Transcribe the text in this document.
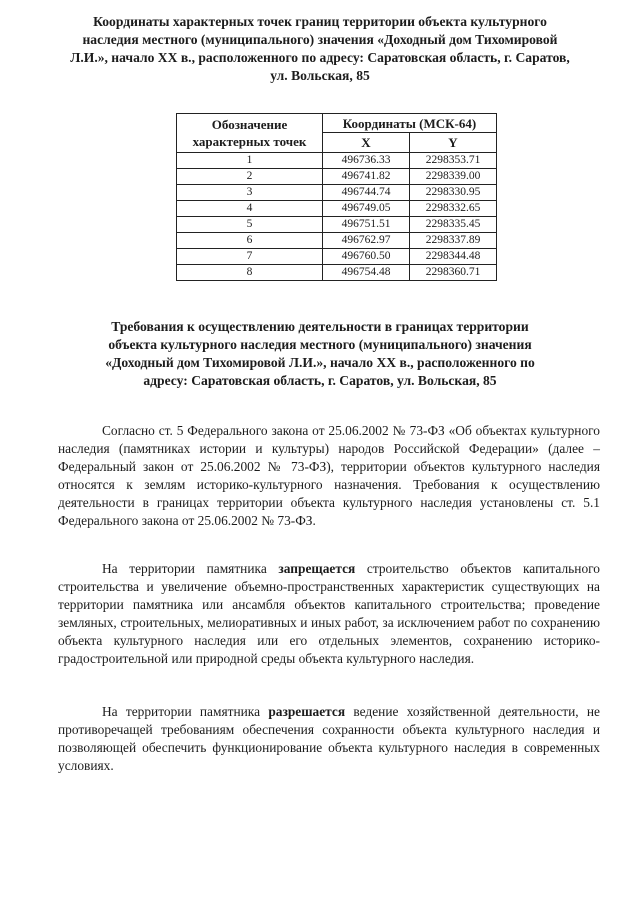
Координаты характерных точек границ территории объекта культурного наследия местного (муниципального) значения «Доходный дом Тихомировой Л.И.», начало XX в., расположенного по адресу: Саратовская область, г. Саратов, ул. Вольская, 85

Обозначение характерных точек	Координаты (МСК-64)	
	X	Y
1	496736.33	2298353.71
2	496741.82	2298339.00
3	496744.74	2298330.95
4	496749.05	2298332.65
5	496751.51	2298335.45
6	496762.97	2298337.89
7	496760.50	2298344.48
8	496754.48	2298360.71

Требования к осуществлению деятельности в границах территории объекта культурного наследия местного (муниципального) значения «Доходный дом Тихомировой Л.И.», начало XX в., расположенного по адресу: Саратовская область, г. Саратов, ул. Вольская, 85

Согласно ст. 5 Федерального закона от 25.06.2002 № 73-ФЗ «Об объектах культурного наследия (памятниках истории и культуры) народов Российской Федерации» (далее – Федеральный закон от 25.06.2002 № 73-ФЗ), территории объектов культурного наследия относятся к землям историко-культурного назначения. Требования к осуществлению деятельности в границах территории объекта культурного наследия установлены ст. 5.1 Федерального закона от 25.06.2002 № 73-ФЗ.

На территории памятника запрещается строительство объектов капитального строительства и увеличение объемно-пространственных характеристик существующих на территории памятника или ансамбля объектов капитального строительства; проведение земляных, строительных, мелиоративных и иных работ, за исключением работ по сохранению объекта культурного наследия или его отдельных элементов, сохранению историко-градостроительной или природной среды объекта культурного наследия.

На территории памятника разрешается ведение хозяйственной деятельности, не противоречащей требованиям обеспечения сохранности объекта культурного наследия и позволяющей обеспечить функционирование объекта культурного наследия в современных условиях.
